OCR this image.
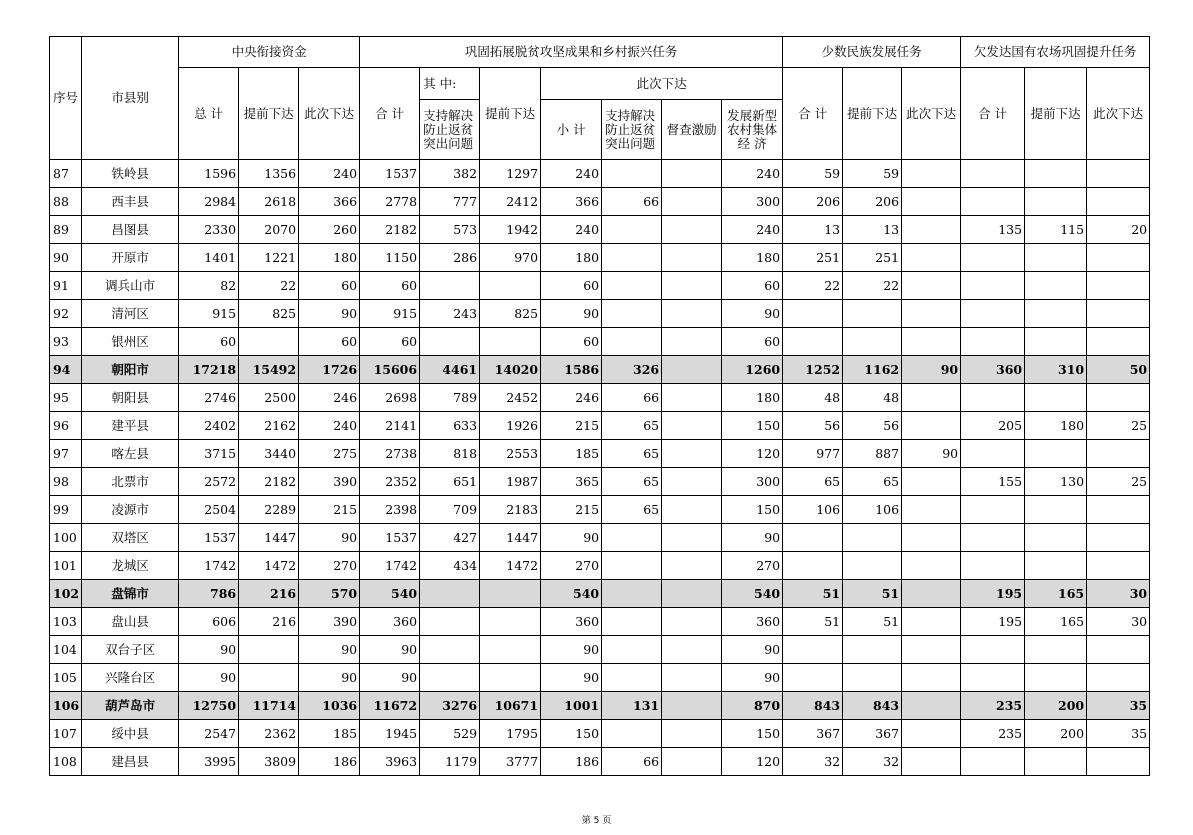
序号	市县别	中央衔接资金			巩固拓展脱贫攻坚成果和乡村振兴任务							少数民族发展任务			欠发达国有农场巩固提升任务		
		总 计	提前下达	此次下达	合 计	其 中:	提前下达	此次下达				合 计	提前下达	此次下达	合 计	提前下达	此次下达
						支持解决防止返贫突出问题		小 计	支持解决防止返贫突出问题	督查激励	发展新型农村集体经 济						
87	铁岭县	1596	1356	240	1537	382	1297	240			240	59	59				
88	西丰县	2984	2618	366	2778	777	2412	366	66		300	206	206				
89	昌图县	2330	2070	260	2182	573	1942	240			240	13	13		135	115	20
90	开原市	1401	1221	180	1150	286	970	180			180	251	251				
91	调兵山市	82	22	60	60			60			60	22	22				
92	清河区	915	825	90	915	243	825	90			90						
93	银州区	60		60	60			60			60						
94	朝阳市	17218	15492	1726	15606	4461	14020	1586	326		1260	1252	1162	90	360	310	50
95	朝阳县	2746	2500	246	2698	789	2452	246	66		180	48	48				
96	建平县	2402	2162	240	2141	633	1926	215	65		150	56	56		205	180	25
97	喀左县	3715	3440	275	2738	818	2553	185	65		120	977	887	90			
98	北票市	2572	2182	390	2352	651	1987	365	65		300	65	65		155	130	25
99	凌源市	2504	2289	215	2398	709	2183	215	65		150	106	106				
100	双塔区	1537	1447	90	1537	427	1447	90			90						
101	龙城区	1742	1472	270	1742	434	1472	270			270						
102	盘锦市	786	216	570	540			540			540	51	51		195	165	30
103	盘山县	606	216	390	360			360			360	51	51		195	165	30
104	双台子区	90		90	90			90			90						
105	兴隆台区	90		90	90			90			90						
106	葫芦岛市	12750	11714	1036	11672	3276	10671	1001	131		870	843	843		235	200	35
107	绥中县	2547	2362	185	1945	529	1795	150			150	367	367		235	200	35
108	建昌县	3995	3809	186	3963	1179	3777	186	66		120	32	32				
第 5 页
